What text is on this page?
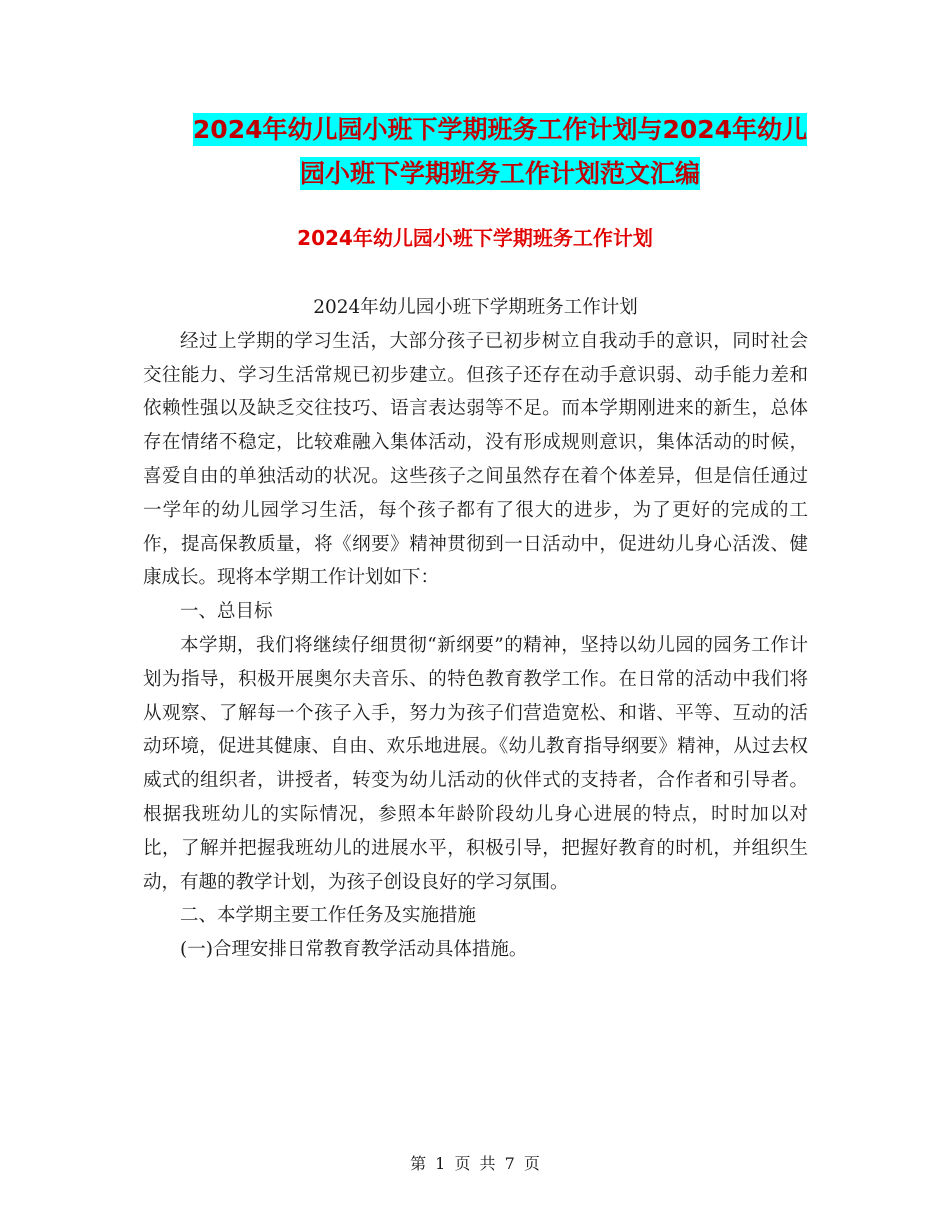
2024年幼儿园小班下学期班务工作计划与2024年幼儿
园小班下学期班务工作计划范文汇编
2024年幼儿园小班下学期班务工作计划

2024年幼儿园小班下学期班务工作计划

经过上学期的学习生活，大部分孩子已初步树立自我动手的意识，同时社会交往能力、学习生活常规已初步建立。但孩子还存在动手意识弱、动手能力差和依赖性强以及缺乏交往技巧、语言表达弱等不足。而本学期刚进来的新生，总体存在情绪不稳定，比较难融入集体活动，没有形成规则意识，集体活动的时候，喜爱自由的单独活动的状况。这些孩子之间虽然存在着个体差异，但是信任通过一学年的幼儿园学习生活，每个孩子都有了很大的进步，为了更好的完成的工作，提高保教质量，将《纲要》精神贯彻到一日活动中，促进幼儿身心活泼、健康成长。现将本学期工作计划如下：

一、总目标

本学期，我们将继续仔细贯彻“新纲要”的精神，坚持以幼儿园的园务工作计划为指导，积极开展奥尔夫音乐、的特色教育教学工作。在日常的活动中我们将从观察、了解每一个孩子入手，努力为孩子们营造宽松、和谐、平等、互动的活动环境，促进其健康、自由、欢乐地进展。《幼儿教育指导纲要》精神，从过去权威式的组织者，讲授者，转变为幼儿活动的伙伴式的支持者，合作者和引导者。根据我班幼儿的实际情况，参照本年龄阶段幼儿身心进展的特点，时时加以对比，了解并把握我班幼儿的进展水平，积极引导，把握好教育的时机，并组织生动，有趣的教学计划，为孩子创设良好的学习氛围。

二、本学期主要工作任务及实施措施

(一)合理安排日常教育教学活动具体措施。

第 1 页 共 7 页
